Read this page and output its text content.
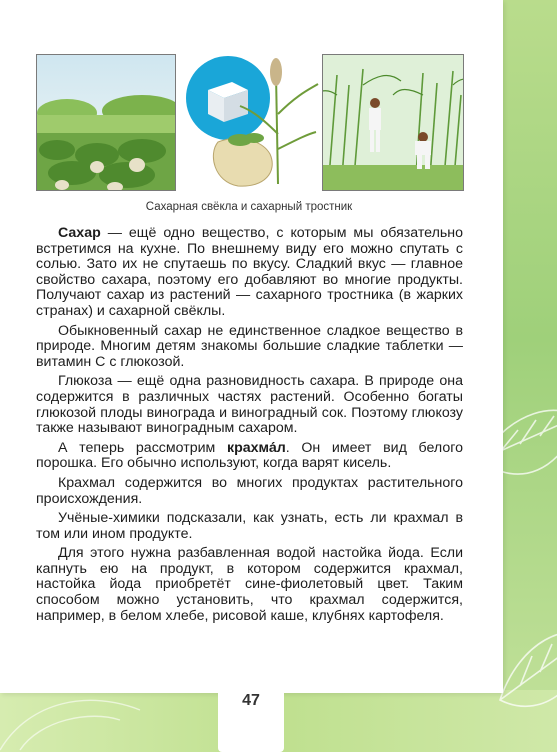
Сахарная свёкла и сахарный тростник

Сахар — ещё одно вещество, с которым мы обязательно встретимся на кухне. По внешнему виду его можно спутать с солью. Зато их не спутаешь по вкусу. Сладкий вкус — главное свойство сахара, поэтому его добавляют во многие продукты. Получают сахар из растений — сахарного тростника (в жарких странах) и сахарной свёклы.

Обыкновенный сахар не единственное сладкое вещество в природе. Многим детям знакомы большие сладкие таблетки — витамин С с глюкозой.

Глюкоза — ещё одна разновидность сахара. В природе она содержится в различных частях растений. Особенно богаты глюкозой плоды винограда и виноградный сок. Поэтому глюкозу также называют виноградным сахаром.

А теперь рассмотрим крахма́л. Он имеет вид белого порошка. Его обычно используют, когда варят кисель.

Крахмал содержится во многих продуктах растительного происхождения.

Учёные-химики подсказали, как узнать, есть ли крахмал в том или ином продукте.

Для этого нужна разбавленная водой настойка йода. Если капнуть ею на продукт, в котором содержится крахмал, настойка йода приобретёт сине-фиолетовый цвет. Таким способом можно установить, что крахмал содержится, например, в белом хлебе, рисовой каше, клубнях картофеля.

47
